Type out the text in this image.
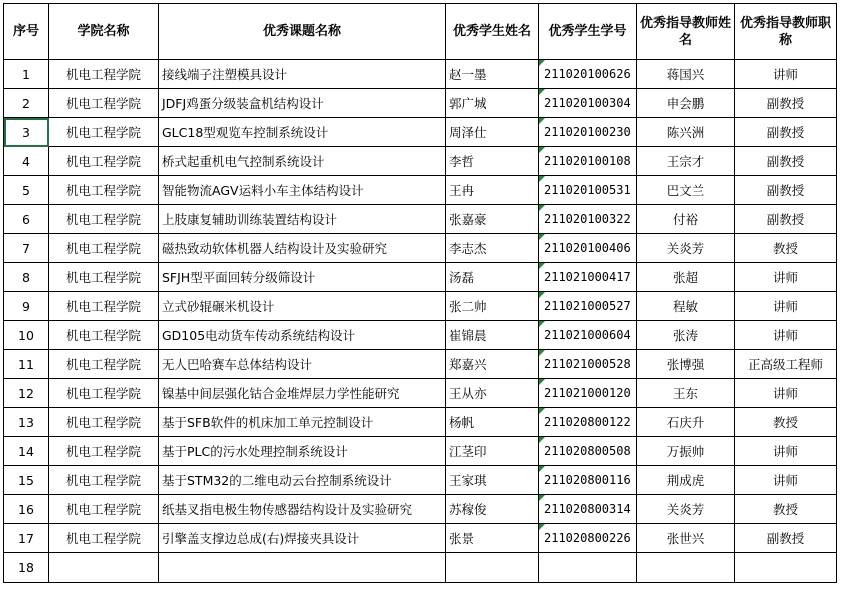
序号	学院名称	优秀课题名称	优秀学生姓名	优秀学生学号	优秀指导教师姓名	优秀指导教师职称
1	机电工程学院	接线端子注塑模具设计	赵一墨	211020100626	蒋国兴	讲师
2	机电工程学院	JDFJ鸡蛋分级装盒机结构设计	郭广城	211020100304	申会鹏	副教授
3	机电工程学院	GLC18型观览车控制系统设计	周泽仕	211020100230	陈兴洲	副教授
4	机电工程学院	桥式起重机电气控制系统设计	李哲	211020100108	王宗才	副教授
5	机电工程学院	智能物流AGV运料小车主体结构设计	王冉	211020100531	巴文兰	副教授
6	机电工程学院	上肢康复辅助训练装置结构设计	张嘉豪	211020100322	付裕	副教授
7	机电工程学院	磁热致动软体机器人结构设计及实验研究	李志杰	211020100406	关炎芳	教授
8	机电工程学院	SFJH型平面回转分级筛设计	汤磊	211021000417	张超	讲师
9	机电工程学院	立式砂辊碾米机设计	张二帅	211021000527	程敏	讲师
10	机电工程学院	GD105电动货车传动系统结构设计	崔锦晨	211021000604	张涛	讲师
11	机电工程学院	无人巴哈赛车总体结构设计	郑嘉兴	211021000528	张博强	正高级工程师
12	机电工程学院	镍基中间层强化钴合金堆焊层力学性能研究	王从亦	211021000120	王东	讲师
13	机电工程学院	基于SFB软件的机床加工单元控制设计	杨帆	211020800122	石庆升	教授
14	机电工程学院	基于PLC的污水处理控制系统设计	江茎印	211020800508	万振帅	讲师
15	机电工程学院	基于STM32的二维电动云台控制系统设计	王家琪	211020800116	荆成虎	讲师
16	机电工程学院	纸基叉指电极生物传感器结构设计及实验研究	苏稼俊	211020800314	关炎芳	教授
17	机电工程学院	引擎盖支撑边总成(右)焊接夹具设计	张景	211020800226	张世兴	副教授
18						
